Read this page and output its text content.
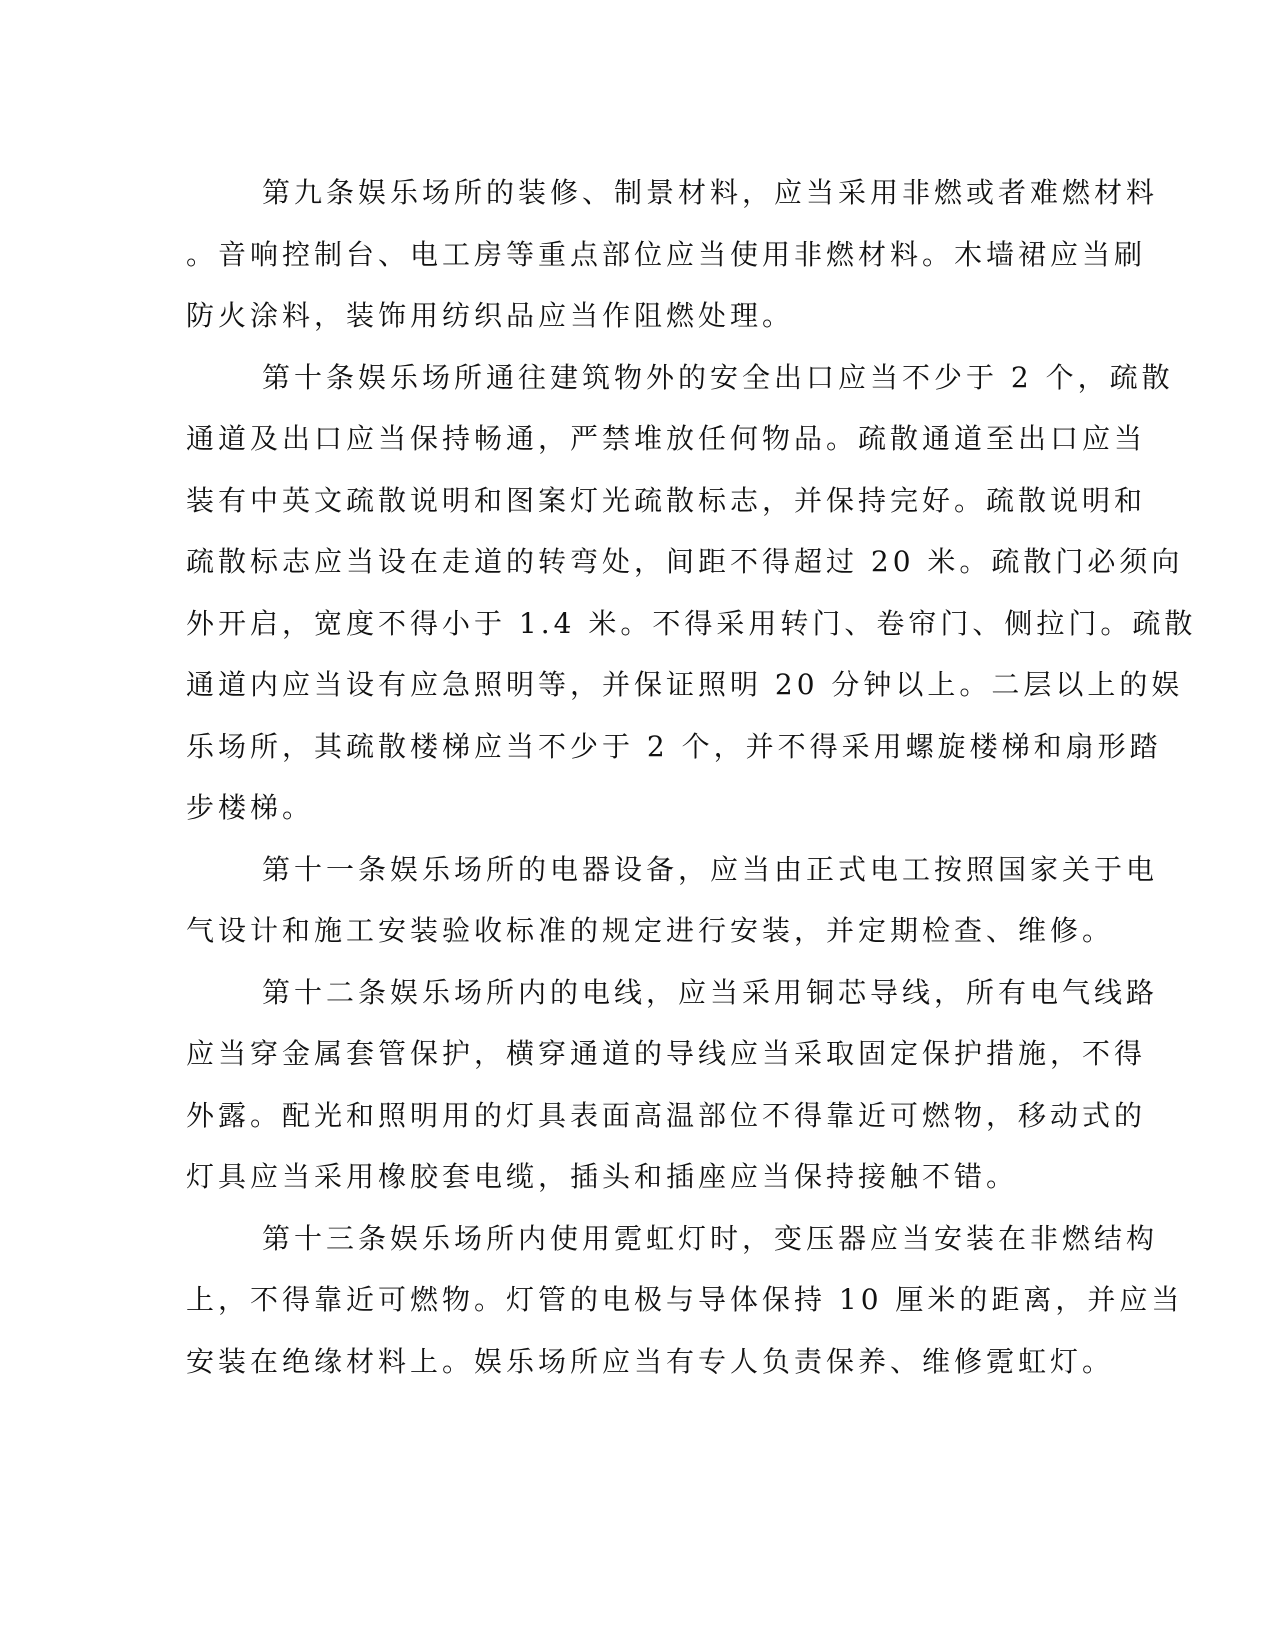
第九条娱乐场所的装修、制景材料，应当采用非燃或者难燃材料
。音响控制台、电工房等重点部位应当使用非燃材料。木墙裙应当刷
防火涂料，装饰用纺织品应当作阻燃处理。
第十条娱乐场所通往建筑物外的安全出口应当不少于 2 个，疏散
通道及出口应当保持畅通，严禁堆放任何物品。疏散通道至出口应当
装有中英文疏散说明和图案灯光疏散标志，并保持完好。疏散说明和
疏散标志应当设在走道的转弯处，间距不得超过 20 米。疏散门必须向
外开启，宽度不得小于 1.4 米。不得采用转门、卷帘门、侧拉门。疏散
通道内应当设有应急照明等，并保证照明 20 分钟以上。二层以上的娱
乐场所，其疏散楼梯应当不少于 2 个，并不得采用螺旋楼梯和扇形踏
步楼梯。
第十一条娱乐场所的电器设备，应当由正式电工按照国家关于电
气设计和施工安装验收标准的规定进行安装，并定期检查、维修。
第十二条娱乐场所内的电线，应当采用铜芯导线，所有电气线路
应当穿金属套管保护，横穿通道的导线应当采取固定保护措施，不得
外露。配光和照明用的灯具表面高温部位不得靠近可燃物，移动式的
灯具应当采用橡胶套电缆，插头和插座应当保持接触不错。
第十三条娱乐场所内使用霓虹灯时，变压器应当安装在非燃结构
上，不得靠近可燃物。灯管的电极与导体保持 10 厘米的距离，并应当
安装在绝缘材料上。娱乐场所应当有专人负责保养、维修霓虹灯。
